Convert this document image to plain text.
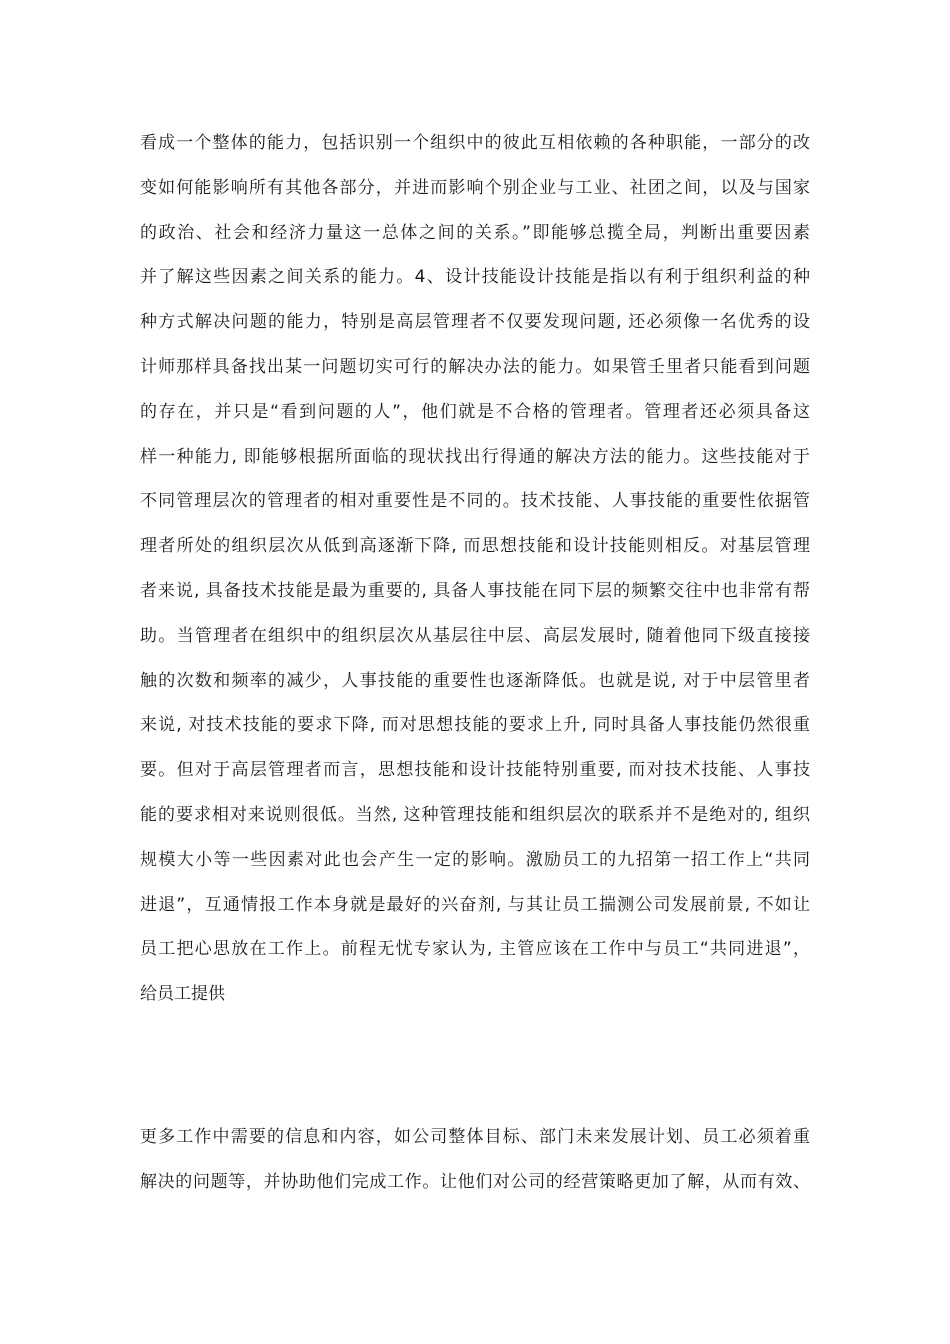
看成一个整体的能力，包括识别一个组织中的彼此互相依赖的各种职能，一部分的改
变如何能影响所有其他各部分，并进而影响个别企业与工业、社团之间，以及与国家
的政治、社会和经济力量这一总体之间的关系。”即能够总揽全局，判断出重要因素
并了解这些因素之间关系的能力。4、设计技能设计技能是指以有利于组织利益的种
种方式解决问题的能力，特别是高层管理者不仅要发现问题, 还必须像一名优秀的设
计师那样具备找出某一问题切实可行的解决办法的能力。如果管壬里者只能看到问题
的存在，并只是“看到问题的人”，他们就是不合格的管理者。管理者还必须具备这
样一种能力, 即能够根据所面临的现状找出行得通的解决方法的能力。这些技能对于
不同管理层次的管理者的相对重要性是不同的。技术技能、人事技能的重要性依据管
理者所处的组织层次从低到高逐渐下降, 而思想技能和设计技能则相反。对基层管理
者来说, 具备技术技能是最为重要的, 具备人事技能在同下层的频繁交往中也非常有帮
助。当管理者在组织中的组织层次从基层往中层、高层发展时, 随着他同下级直接接
触的次数和频率的减少，人事技能的重要性也逐渐降低。也就是说, 对于中层管里者
来说, 对技术技能的要求下降, 而对思想技能的要求上升, 同时具备人事技能仍然很重
要。但对于高层管理者而言，思想技能和设计技能特别重要, 而对技术技能、人事技
能的要求相对来说则很低。当然, 这种管理技能和组织层次的联系并不是绝对的, 组织
规模大小等一些因素对此也会产生一定的影响。激励员工的九招第一招工作上“共同
进退”，互通情报工作本身就是最好的兴奋剂, 与其让员工揣测公司发展前景, 不如让
员工把心思放在工作上。前程无忧专家认为, 主管应该在工作中与员工“共同进退”，
给员工提供
更多工作中需要的信息和内容，如公司整体目标、部门未来发展计划、员工必须着重
解决的问题等，并协助他们完成工作。让他们对公司的经营策略更加了解，从而有效、
